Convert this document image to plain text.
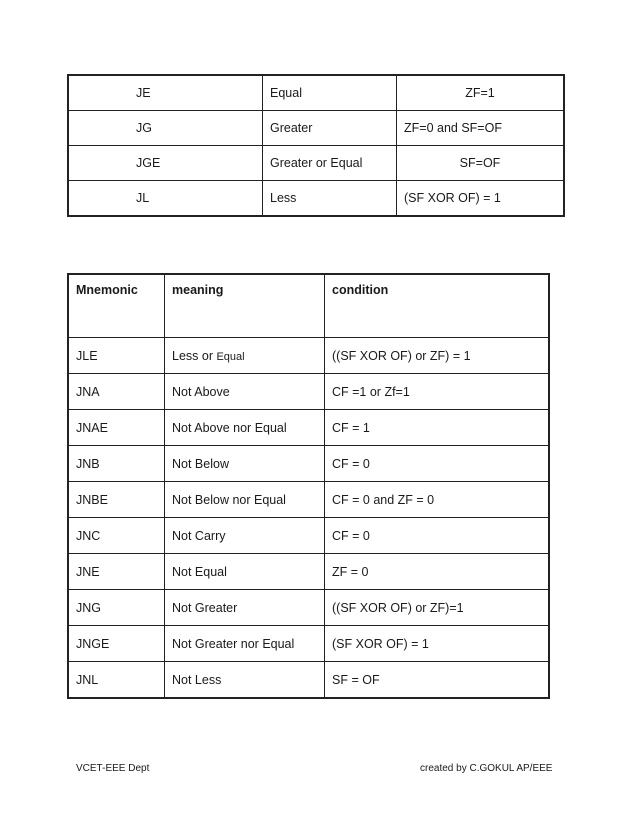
JE	Equal	ZF=1
JG	Greater	ZF=0 and SF=OF
JGE	Greater or Equal	SF=OF
JL	Less	(SF XOR OF) = 1
Mnemonic	meaning	condition
JLE	Less or Equal	((SF XOR OF) or ZF) = 1
JNA	Not Above	CF =1 or Zf=1
JNAE	Not Above nor Equal	CF = 1
JNB	Not Below	CF = 0
JNBE	Not Below nor Equal	CF = 0 and ZF = 0
JNC	Not Carry	CF = 0
JNE	Not Equal	ZF = 0
JNG	Not Greater	((SF XOR OF) or ZF)=1
JNGE	Not Greater nor Equal	(SF XOR OF) = 1
JNL	Not Less	SF = OF
VCET-EEE Dept	created by C.GOKUL AP/EEE
